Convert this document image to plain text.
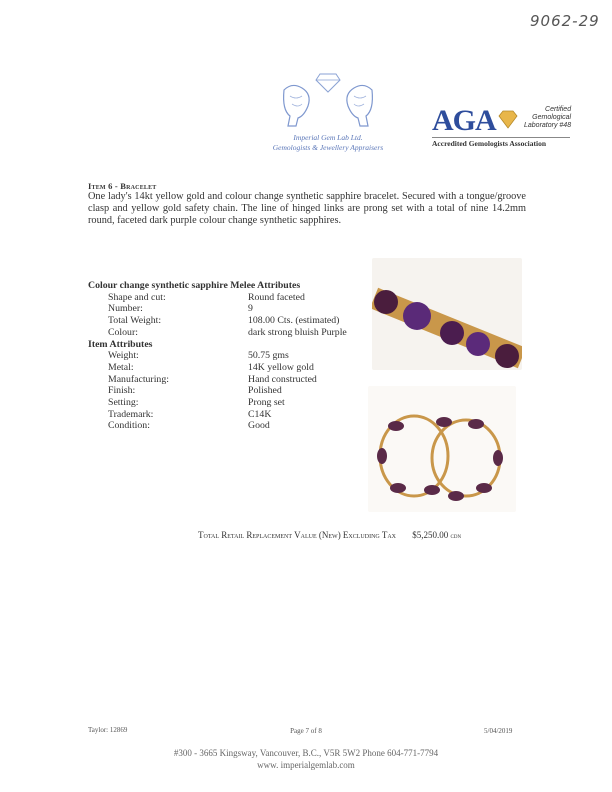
9062-29
Imperial Gem Lab Ltd.
Gemologists & Jewellery Appraisers
AGA	Certified
Gemological
Laboratory #48
Accredited Gemologists Association
Item 6 - Bracelet
One lady's 14kt yellow gold and colour change synthetic sapphire bracelet. Secured with a tongue/groove clasp and yellow gold safety chain. The line of hinged links are prong set with a total of nine 14.2mm round, faceted dark purple colour change synthetic sapphires.
Colour change synthetic sapphire Melee Attributes
Shape and cut:	Round faceted
Number:	9
Total Weight:	108.00 Cts. (estimated)
Colour:	dark strong bluish Purple
Item Attributes
Weight:	50.75 gms
Metal:	14K yellow gold
Manufacturing:	Hand constructed
Finish:	Polished
Setting:	Prong set
Trademark:	C14K
Condition:	Good
Total Retail Replacement Value (New) Excluding Tax $5,250.00 cdn
Taylor: 12869	Page 7 of 8	5/04/2019
#300 - 3665 Kingsway, Vancouver, B.C., V5R 5W2 Phone 604-771-7794
www. imperialgemlab.com
